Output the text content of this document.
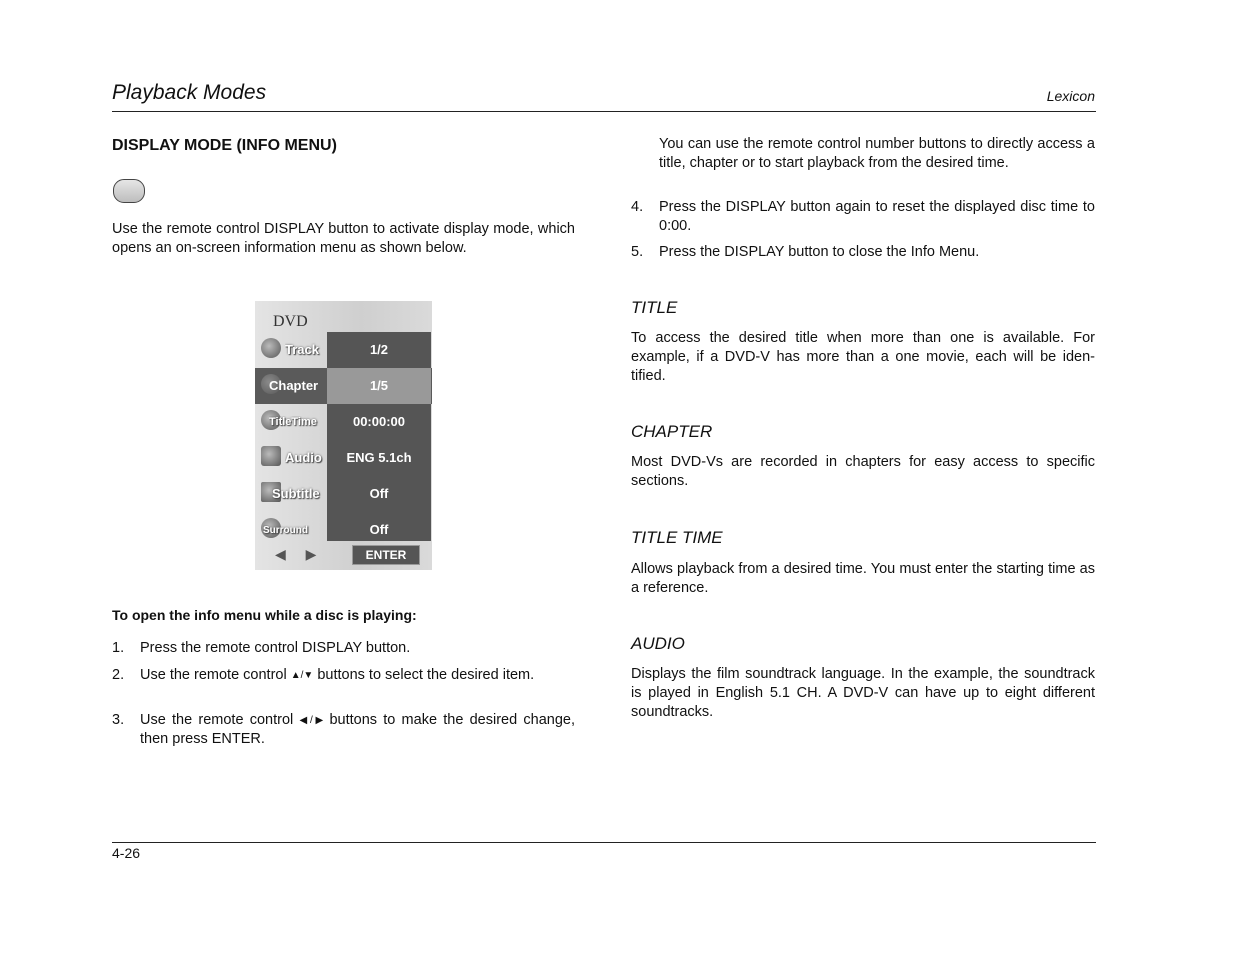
Playback Modes	Lexicon
DISPLAY MODE (INFO MENU)
Use the remote control DISPLAY button to activate display mode, which opens an on-screen information menu as shown below.
DVD
Track	1/2
Chapter	1/5
TitleTime	00:00:00
Audio	ENG 5.1ch
Subtitle	Off
Surround	Off
◀ ▶	ENTER
To open the info menu while a disc is playing:
1. Press the remote control DISPLAY button.
2. Use the remote control ▲/▼ buttons to select the desired item.
3. Use the remote control ◀ / ▶ buttons to make the desired change, then press ENTER.
You can use the remote control number buttons to directly access a title, chapter or to start playback from the desired time.
4. Press the DISPLAY button again to reset the displayed disc time to 0:00.
5. Press the DISPLAY button to close the Info Menu.
TITLE
To access the desired title when more than one is available. For example, if a DVD-V has more than a one movie, each will be iden-tified.
CHAPTER
Most DVD-Vs are recorded in chapters for easy access to specific sections.
TITLE TIME
Allows playback from a desired time. You must enter the starting time as a reference.
AUDIO
Displays the film soundtrack language. In the example, the soundtrack is played in English 5.1 CH. A DVD-V can have up to eight different soundtracks.
4-26
